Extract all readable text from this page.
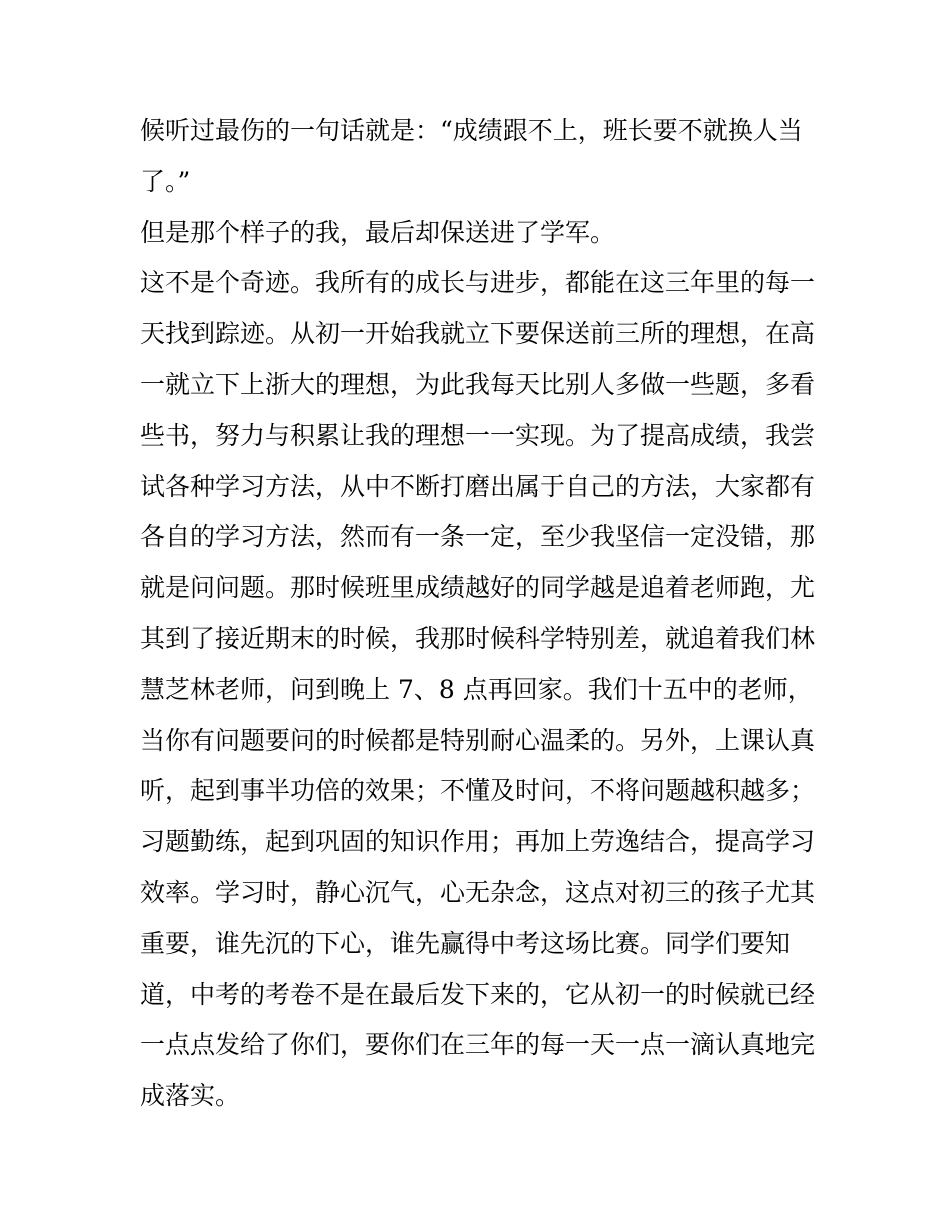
候听过最伤的一句话就是：“成绩跟不上，班长要不就换人当

了。”

但是那个样子的我，最后却保送进了学军。

这不是个奇迹。我所有的成长与进步，都能在这三年里的每一

天找到踪迹。从初一开始我就立下要保送前三所的理想，在高

一就立下上浙大的理想，为此我每天比别人多做一些题，多看

些书，努力与积累让我的理想一一实现。为了提高成绩，我尝

试各种学习方法，从中不断打磨出属于自己的方法，大家都有

各自的学习方法，然而有一条一定，至少我坚信一定没错，那

就是问问题。那时候班里成绩越好的同学越是追着老师跑，尤

其到了接近期末的时候，我那时候科学特别差，就追着我们林

慧芝林老师，问到晚上 7、8 点再回家。我们十五中的老师，

当你有问题要问的时候都是特别耐心温柔的。另外，上课认真

听，起到事半功倍的效果；不懂及时问，不将问题越积越多；

习题勤练，起到巩固的知识作用；再加上劳逸结合，提高学习

效率。学习时，静心沉气，心无杂念，这点对初三的孩子尤其

重要，谁先沉的下心，谁先赢得中考这场比赛。同学们要知

道，中考的考卷不是在最后发下来的，它从初一的时候就已经

一点点发给了你们，要你们在三年的每一天一点一滴认真地完

成落实。
